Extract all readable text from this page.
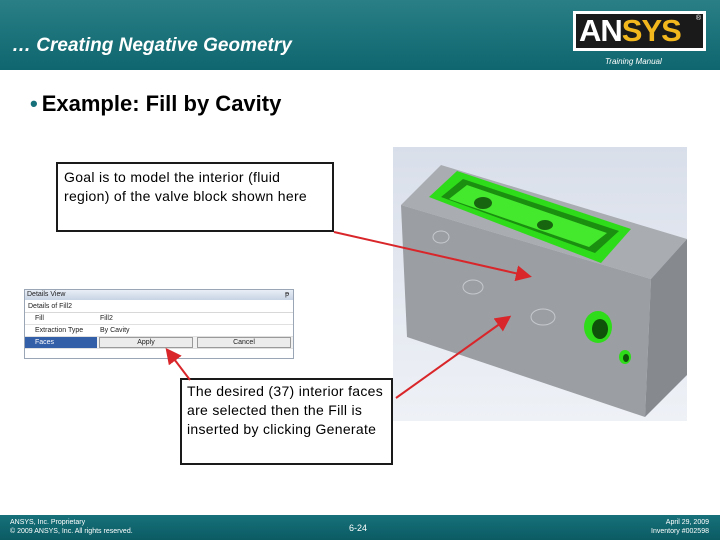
… Creating Negative Geometry	ANSYS ®
Training Manual
• Example: Fill by Cavity
Goal is to model the interior (fluid region) of the valve block shown here
Details View	ᵽ
Details of Fill2
Fill	Fill2
Extraction Type	By Cavity
Faces	Apply	Cancel
The desired (37) interior faces are selected then the Fill is inserted by clicking Generate
ANSYS, Inc. Proprietary
© 2009 ANSYS, Inc. All rights reserved.	6-24
April 29, 2009
Inventory #002598
